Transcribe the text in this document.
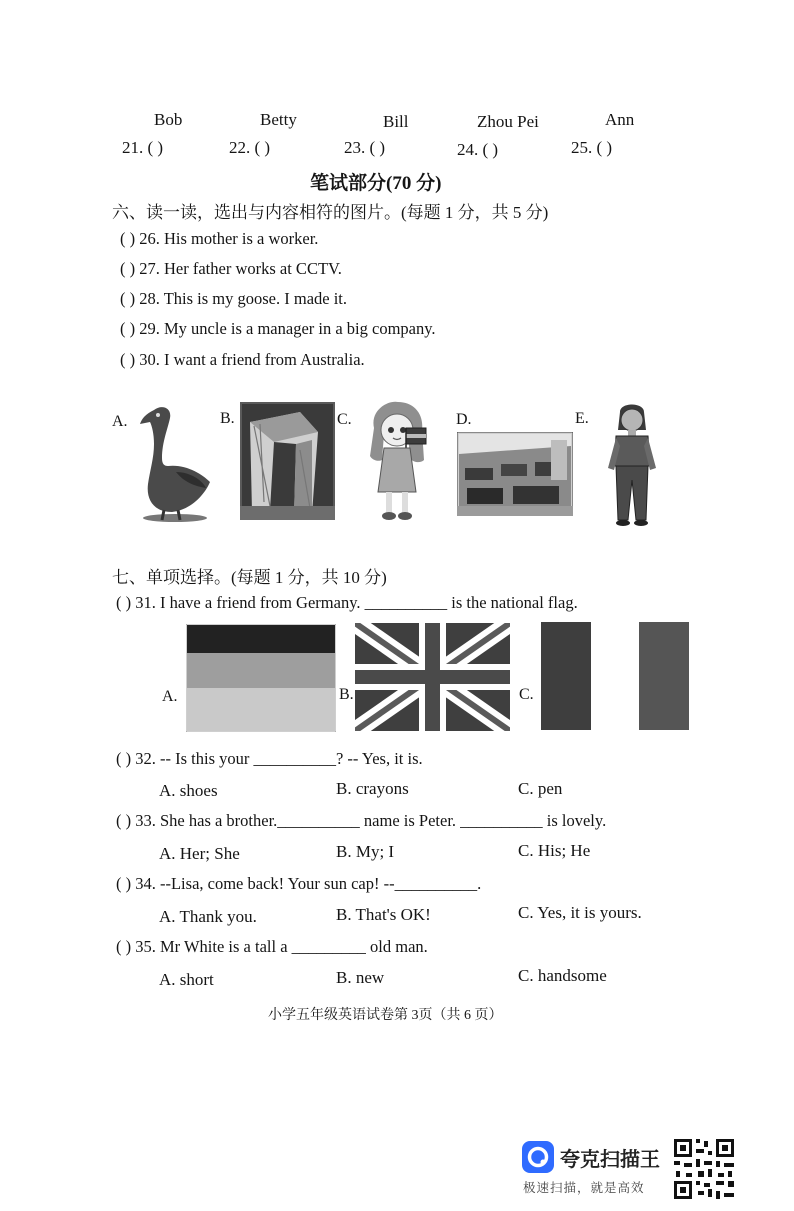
Bob	Betty	Bill	Zhou Pei	Ann
21. ( )	22. ( )	23. ( )	24. ( )	25. ( )
笔试部分(70 分)
六、读一读，选出与内容相符的图片。(每题 1 分，共 5 分)
( ) 26. His mother is a worker.
( ) 27. Her father works at CCTV.
( ) 28. This is my goose. I made it.
( ) 29. My uncle is a manager in a big company.
( ) 30. I want a friend from Australia.
A.	B.	C.	D.	E.
七、单项选择。(每题 1 分，共 10 分)
( ) 31. I have a friend from Germany. __________ is the national flag.
A.	B.	C.
( ) 32. -- Is this your __________? -- Yes, it is.
A. shoes	B. crayons	C. pen
( ) 33. She has a brother.__________ name is Peter. __________ is lovely.
A. Her; She	B. My; I	C. His; He
( ) 34. --Lisa, come back! Your sun cap! --__________.
A. Thank you.	B. That's OK!	C. Yes, it is yours.
( ) 35. Mr White is a tall a _________ old man.
A. short	B. new	C. handsome
小学五年级英语试卷第 3页（共 6 页）
夸克扫描王
极速扫描，就是高效
